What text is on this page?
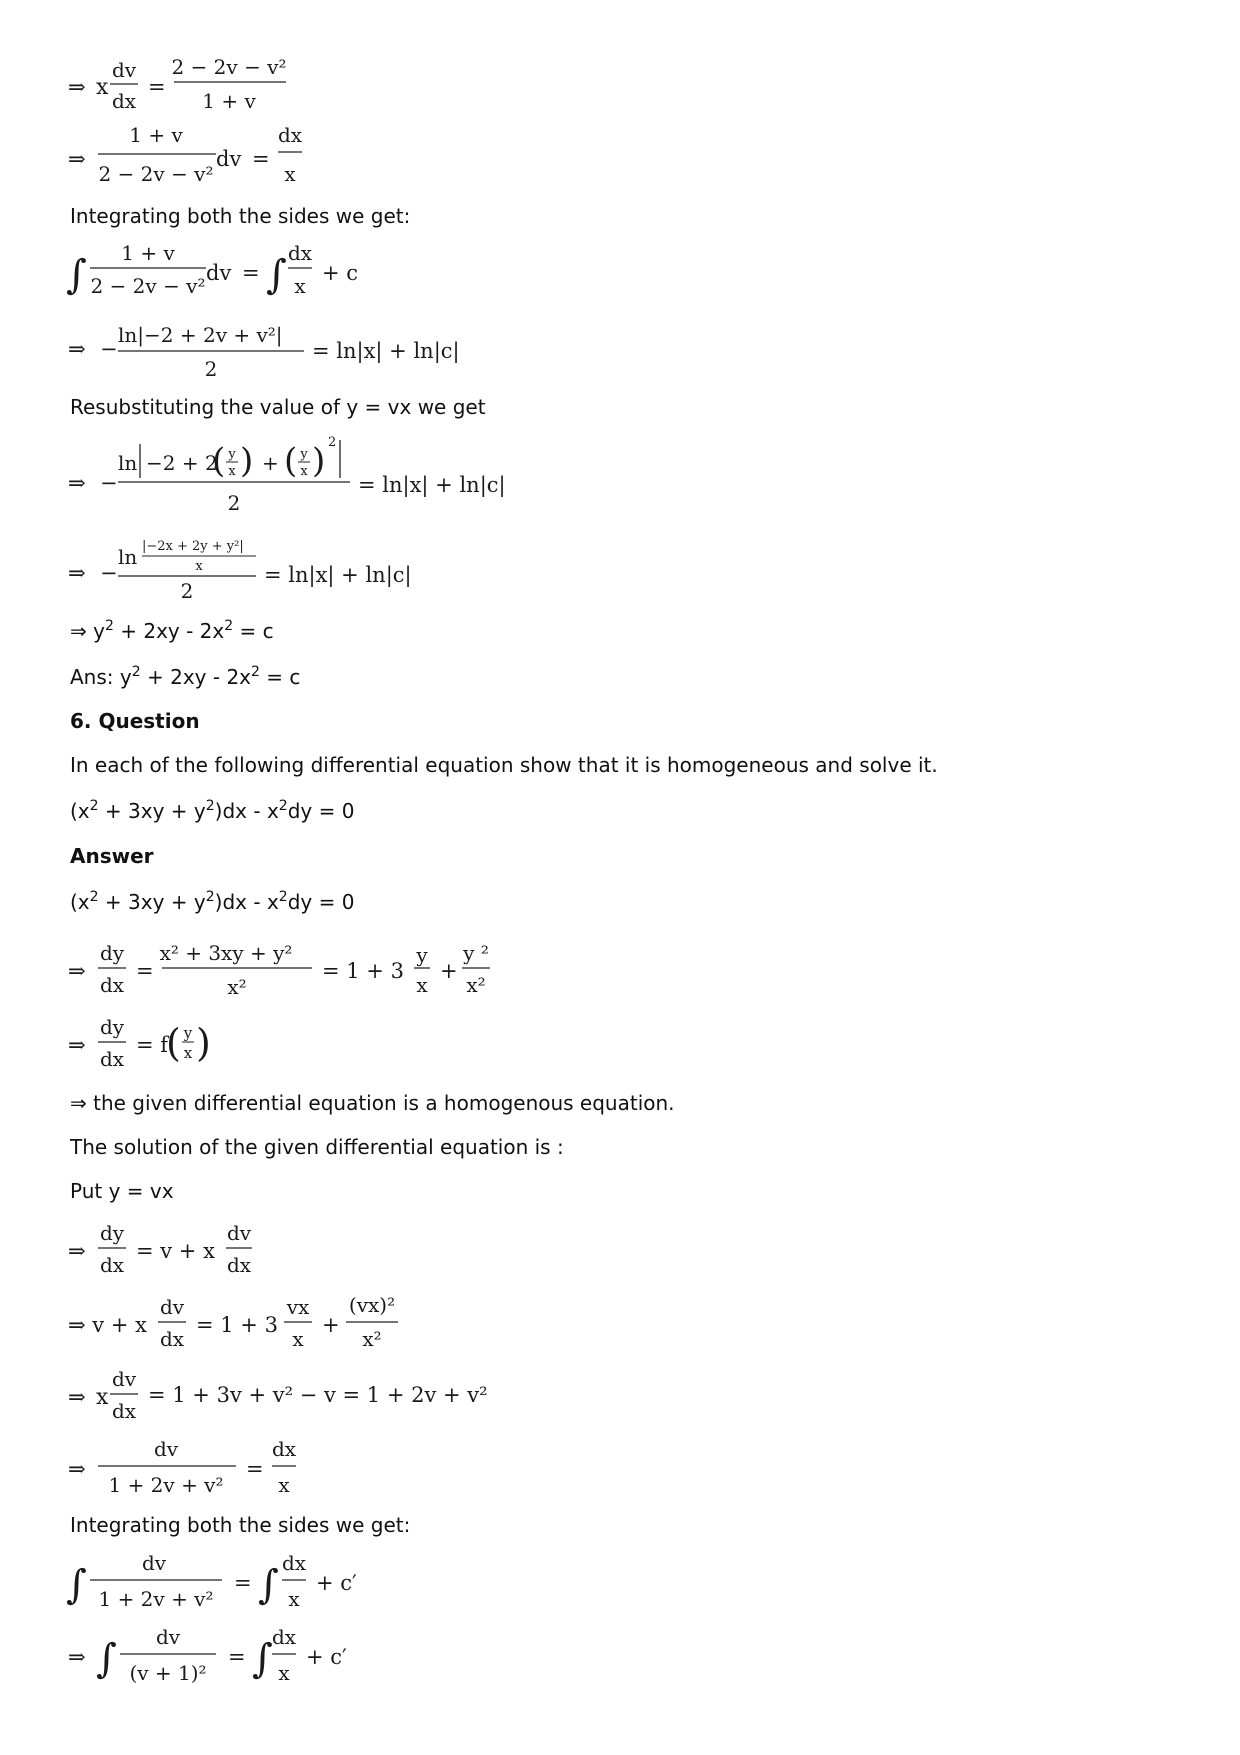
⇒ x
dv
dx
=
2 − 2v − v²
1 + v
⇒
1 + v
2 − 2v − v²
dv =
dx
x
Integrating both the sides we get:
∫ 1 + v
2 − 2v − v²
dv = ∫ dx
x
+ c
⇒ −
ln|−2 + 2v + v²|
2
= ln|x| + ln|c|
Resubstituting the value of y = vx we get
⇒ −
ln −2 + 2
( y
x ) + ( y
x ) 2
2
= ln|x| + ln|c|
⇒ −
ln |−2x + 2y + y²|
x
2
= ln|x| + ln|c|
⇒ $y^2 + 2xy - 2x^2 = c$
Ans: $y^2 + 2xy - 2x^2 = c$
6. Question
In each of the following differential equation show that it is homogeneous and solve it.
$(x^2 + 3xy + y^2)dx - x^2dy = 0$
Answer
$(x^2 + 3xy + y^2)dx - x^2dy = 0$
⇒
dy
dx
=
x² + 3xy + y²
x²
= 1 + 3
y
x
+
y ²
x²
⇒
dy
dx
= f
( y
x )
⇒ the given differential equation is a homogenous equation.
The solution of the given differential equation is :
Put y = vx
⇒
dy
dx
= v + x
dv
dx
⇒ v + x
dv
dx
= 1 + 3
vx
x
+
(vx)²
x²
⇒ x
dv
dx
= 1 + 3v + v² − v = 1 + 2v + v²
⇒
dv
1 + 2v + v²
=
dx
x
Integrating both the sides we get:
∫	dv
1 + 2v + v²
= ∫ dx
x
+ c′
⇒ ∫ dv
(v + 1)²
= ∫ dx
x
+ c′
